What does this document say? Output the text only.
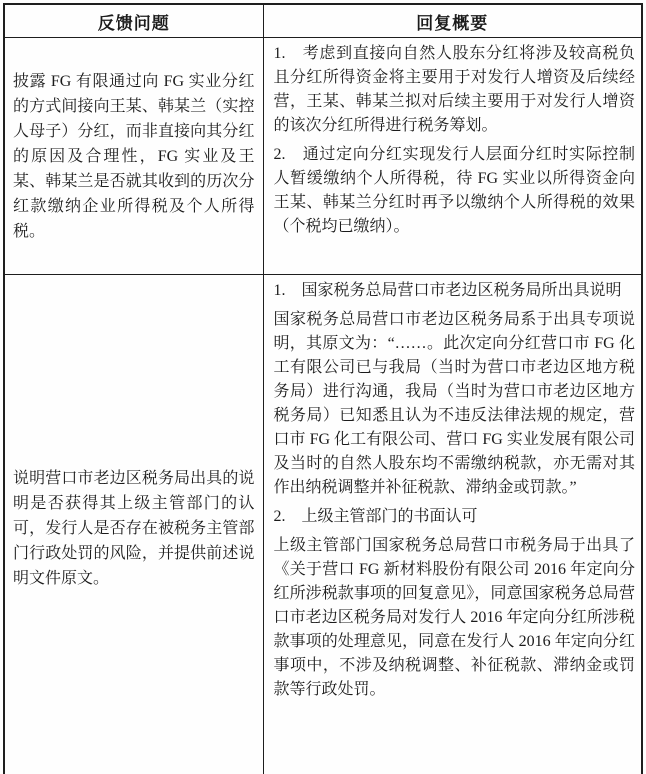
反馈问题	回复概要

披露 FG 有限通过向 FG 实业分红的方式间接向王某、韩某兰（实控人母子）分红，而非直接向其分红的原因及合理性，FG 实业及王某、韩某兰是否就其收到的历次分红款缴纳企业所得税及个人所得税。	1.　考虑到直接向自然人股东分红将涉及较高税负且分红所得资金将主要用于对发行人增资及后续经营，王某、韩某兰拟对后续主要用于对发行人增资的该次分红所得进行税务筹划。

2.　通过定向分红实现发行人层面分红时实际控制人暂缓缴纳个人所得税，待 FG 实业以所得资金向王某、韩某兰分红时再予以缴纳个人所得税的效果（个税均已缴纳）。

说明营口市老边区税务局出具的说明是否获得其上级主管部门的认可，发行人是否存在被税务主管部门行政处罚的风险，并提供前述说明文件原文。	1.　国家税务总局营口市老边区税务局所出具说明

国家税务总局营口市老边区税务局系于出具专项说明，其原文为：“……。此次定向分红营口市 FG 化工有限公司已与我局（当时为营口市老边区地方税务局）进行沟通，我局（当时为营口市老边区地方税务局）已知悉且认为不违反法律法规的规定，营口市 FG 化工有限公司、营口 FG 实业发展有限公司及当时的自然人股东均不需缴纳税款，亦无需对其作出纳税调整并补征税款、滞纳金或罚款。”

2.　上级主管部门的书面认可

上级主管部门国家税务总局营口市税务局于出具了《关于营口 FG 新材料股份有限公司 2016 年定向分红所涉税款事项的回复意见》，同意国家税务总局营口市老边区税务局对发行人 2016 年定向分红所涉税款事项的处理意见，同意在发行人 2016 年定向分红事项中，不涉及纳税调整、补征税款、滞纳金或罚款等行政处罚。
